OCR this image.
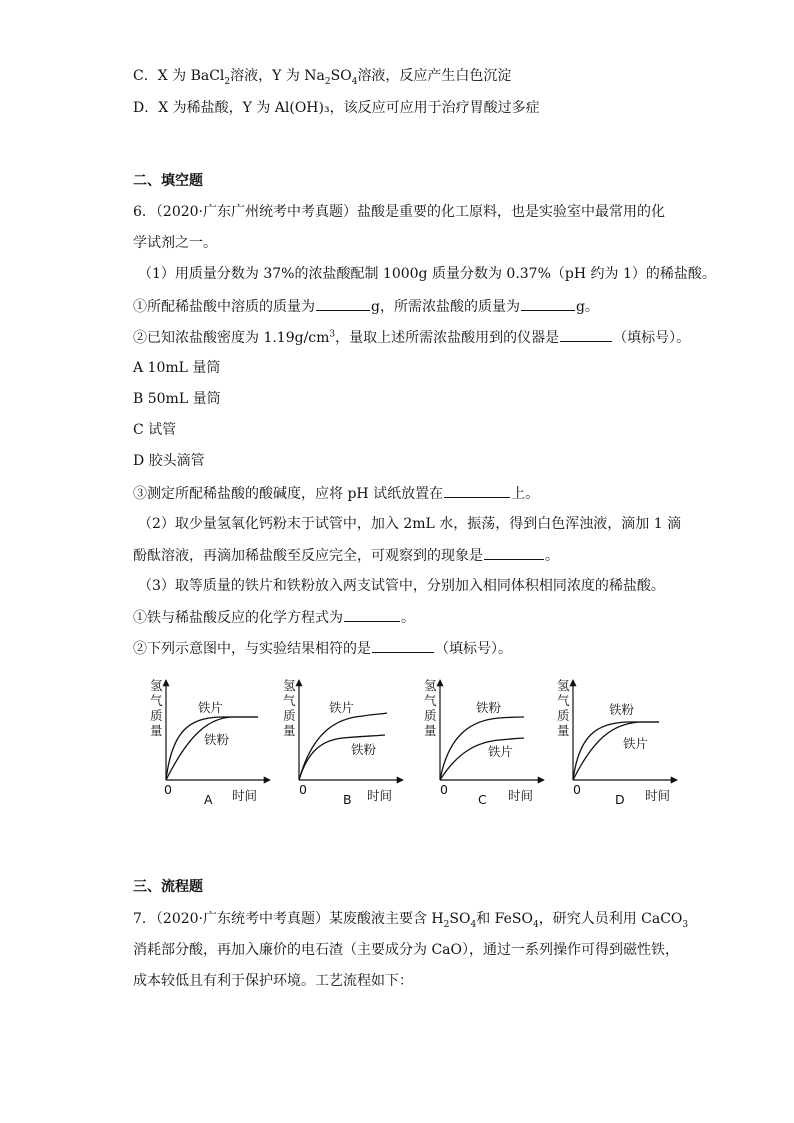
C．X 为 BaCl$_2$溶液，Y 为 $Na_2SO_4$溶液，反应产生白色沉淀
D．X 为稀盐酸，Y 为 Al(OH)₃，该反应可应用于治疗胃酸过多症
二、填空题
6．（2020·广东广州统考中考真题）盐酸是重要的化工原料，也是实验室中最常用的化
学试剂之一。
（1）用质量分数为 37%的浓盐酸配制 1000g 质量分数为 0.37%（pH 约为 1）的稀盐酸。
①所配稀盐酸中溶质的质量为	g，所需浓盐酸的质量为	g。
②已知浓盐酸密度为 $1.19g/cm^3$，量取上述所需浓盐酸用到的仪器是	（填标号）。
A 10mL 量筒
B 50mL 量筒
C 试管
D 胶头滴管
③测定所配稀盐酸的酸碱度，应将 pH 试纸放置在	上。
（2）取少量氢氧化钙粉末于试管中，加入 2mL 水，振荡，得到白色浑浊液，滴加 1 滴
酚酞溶液，再滴加稀盐酸至反应完全，可观察到的现象是	。
（3）取等质量的铁片和铁粉放入两支试管中，分别加入相同体积相同浓度的稀盐酸。
①铁与稀盐酸反应的化学方程式为	。
②下列示意图中，与实验结果相符的是	（填标号）。
氢
气
质
量
铁片
铁粉
0
A 时间
氢
气
质
量
铁片
铁粉
0
B 时间
氢
气
质
量
铁粉
铁片
0
C 时间
氢
气
质
量
铁粉
铁片
0
D 时间
三、流程题
7．（2020·广东统考中考真题）某废酸液主要含 $H_2SO_4$和 FeSO$_4$，研究人员利用 CaCO$_3$
消耗部分酸，再加入廉价的电石渣（主要成分为 CaO），通过一系列操作可得到磁性铁，
成本较低且有利于保护环境。工艺流程如下：
